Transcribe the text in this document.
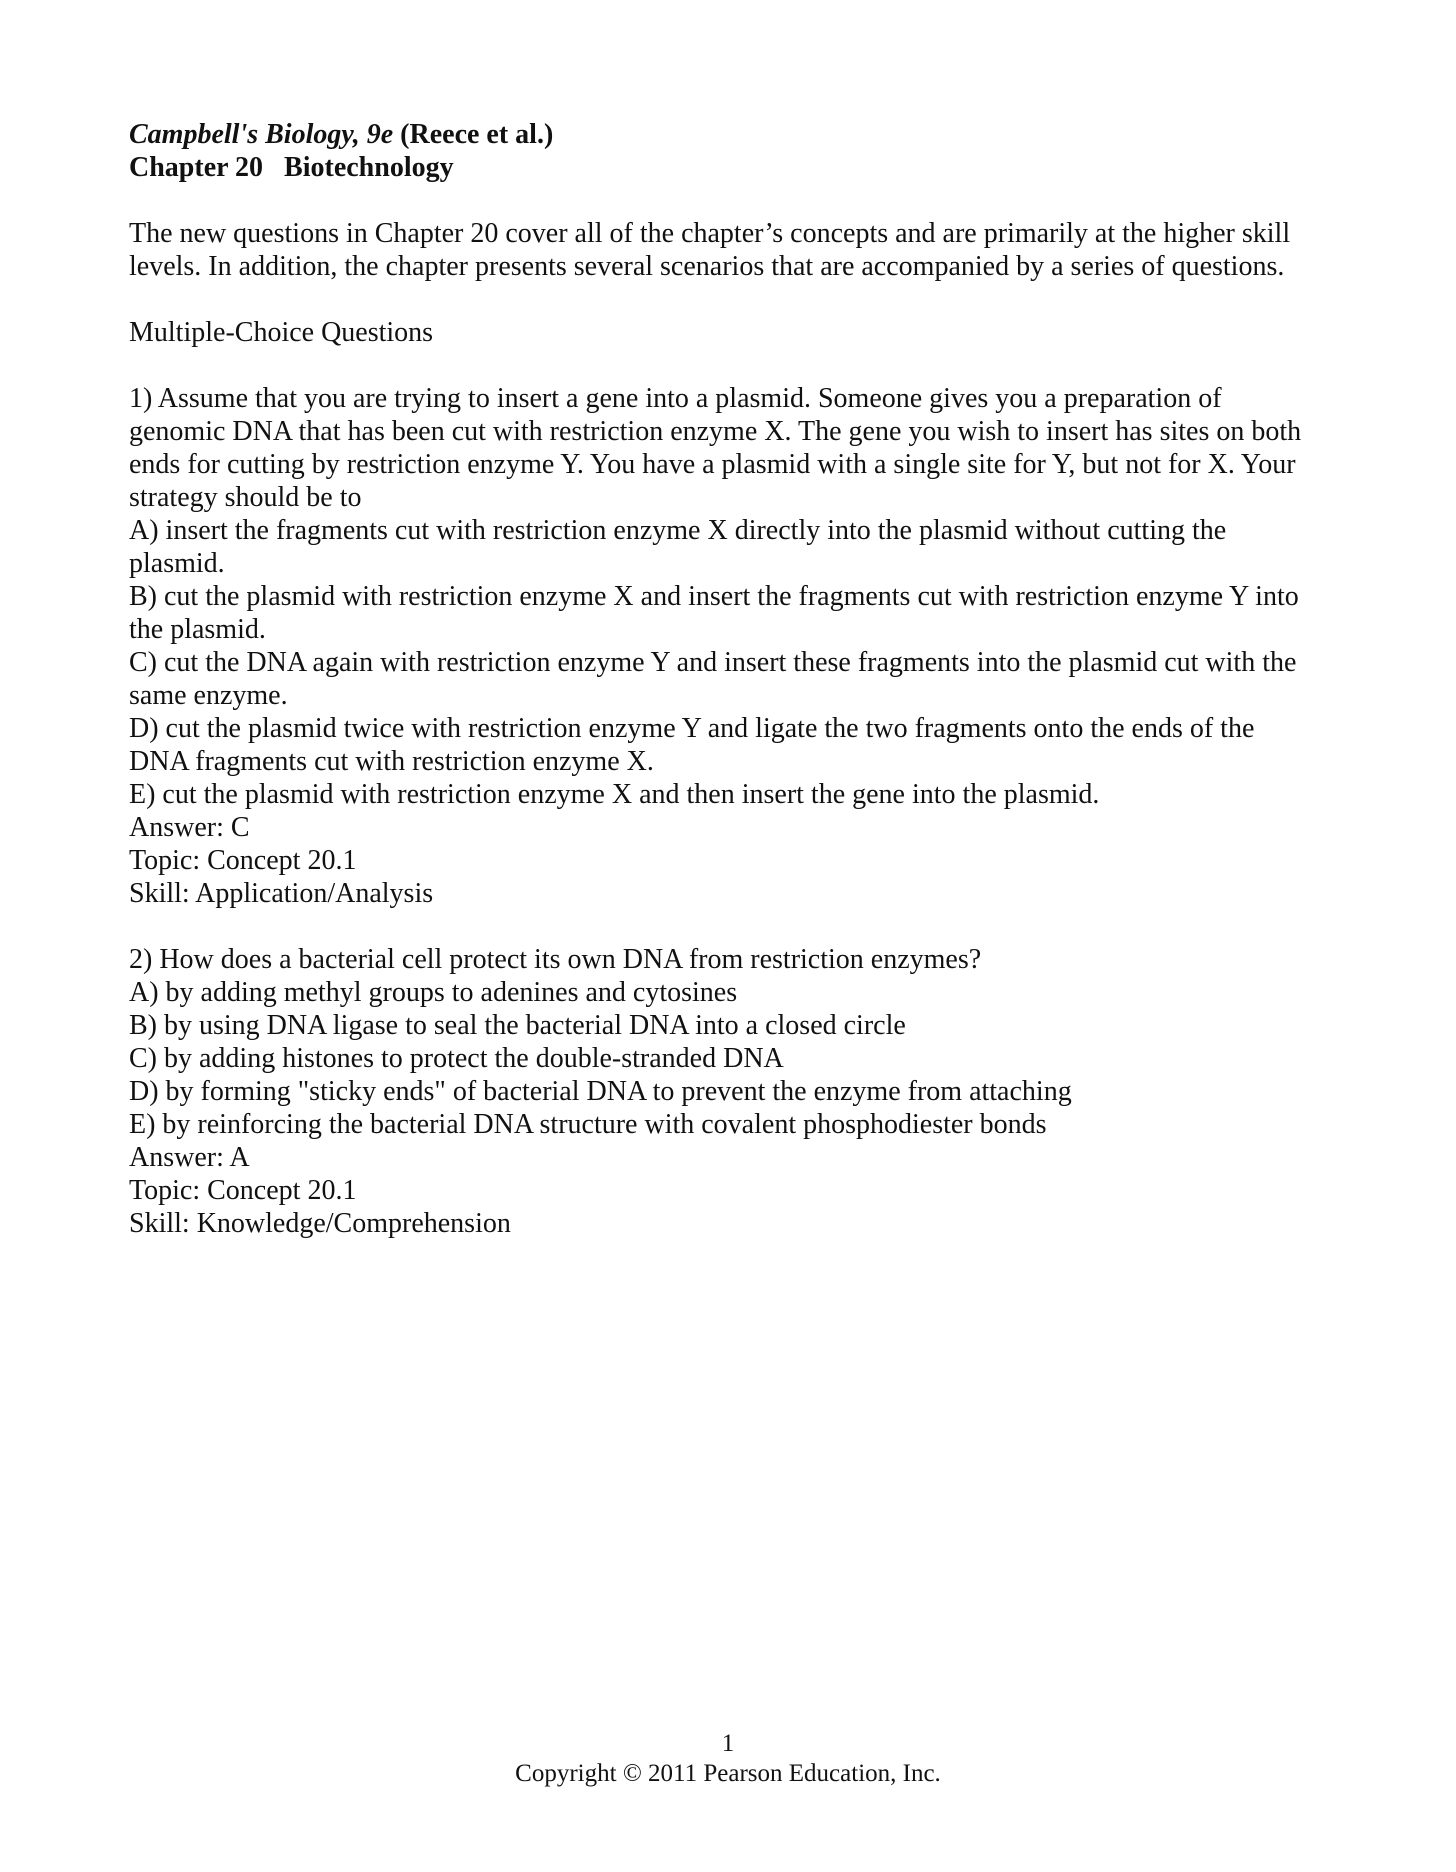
Campbell's Biology, 9e (Reece et al.)
Chapter 20 Biotechnology
The new questions in Chapter 20 cover all of the chapter’s concepts and are primarily at the higher skill
levels. In addition, the chapter presents several scenarios that are accompanied by a series of questions.
Multiple-Choice Questions
1) Assume that you are trying to insert a gene into a plasmid. Someone gives you a preparation of
genomic DNA that has been cut with restriction enzyme X. The gene you wish to insert has sites on both
ends for cutting by restriction enzyme Y. You have a plasmid with a single site for Y, but not for X. Your
strategy should be to
A) insert the fragments cut with restriction enzyme X directly into the plasmid without cutting the
plasmid.
B) cut the plasmid with restriction enzyme X and insert the fragments cut with restriction enzyme Y into
the plasmid.
C) cut the DNA again with restriction enzyme Y and insert these fragments into the plasmid cut with the
same enzyme.
D) cut the plasmid twice with restriction enzyme Y and ligate the two fragments onto the ends of the
DNA fragments cut with restriction enzyme X.
E) cut the plasmid with restriction enzyme X and then insert the gene into the plasmid.
Answer: C
Topic: Concept 20.1
Skill: Application/Analysis
2) How does a bacterial cell protect its own DNA from restriction enzymes?
A) by adding methyl groups to adenines and cytosines
B) by using DNA ligase to seal the bacterial DNA into a closed circle
C) by adding histones to protect the double-stranded DNA
D) by forming "sticky ends" of bacterial DNA to prevent the enzyme from attaching
E) by reinforcing the bacterial DNA structure with covalent phosphodiester bonds
Answer: A
Topic: Concept 20.1
Skill: Knowledge/Comprehension
1
Copyright © 2011 Pearson Education, Inc.
